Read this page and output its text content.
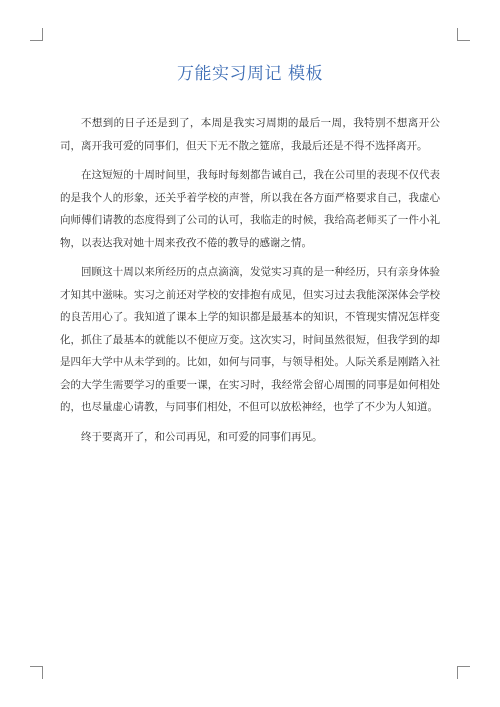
万能实习周记 模板

不想到的日子还是到了，本周是我实习周期的最后一周，我特别不想离开公司，离开我可爱的同事们，但天下无不散之筵席，我最后还是不得不选择离开。

在这短短的十周时间里，我每时每刻都告诫自己，我在公司里的表现不仅代表的是我个人的形象，还关乎着学校的声誉，所以我在各方面严格要求自己，我虚心向师傅们请教的态度得到了公司的认可，我临走的时候，我给高老师买了一件小礼物，以表达我对她十周来孜孜不倦的教导的感谢之情。

回顾这十周以来所经历的点点滴滴，发觉实习真的是一种经历，只有亲身体验才知其中滋味。实习之前还对学校的安排抱有成见，但实习过去我能深深体会学校的良苦用心了。我知道了课本上学的知识都是最基本的知识，不管现实情况怎样变化，抓住了最基本的就能以不便应万变。这次实习，时间虽然很短，但我学到的却是四年大学中从未学到的。比如，如何与同事，与领导相处。人际关系是刚踏入社会的大学生需要学习的重要一课，在实习时，我经常会留心周围的同事是如何相处的，也尽量虚心请教，与同事们相处，不但可以放松神经，也学了不少为人知道。

终于要离开了，和公司再见，和可爱的同事们再见。
